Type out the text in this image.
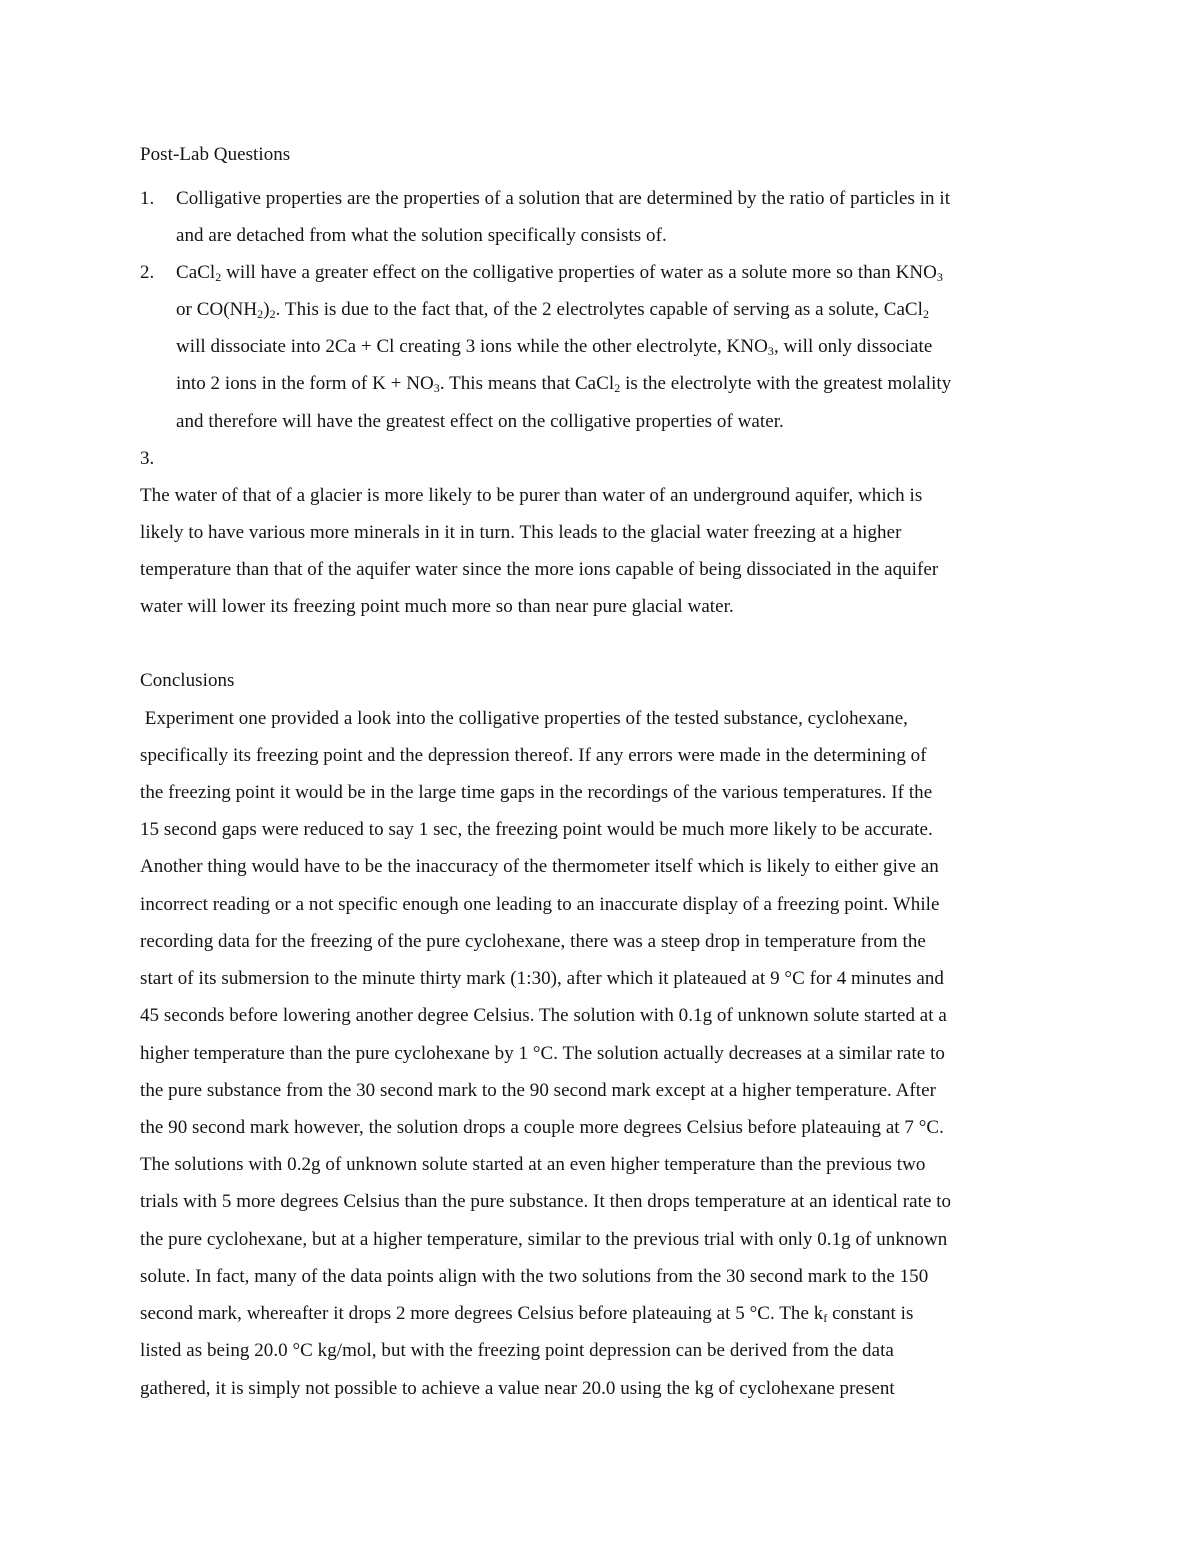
Post-Lab Questions
1. Colligative properties are the properties of a solution that are determined by the ratio of particles in it
and are detached from what the solution specifically consists of.
2. CaCl$_2$ will have a greater effect on the colligative properties of water as a solute more so than $KNO_3$
or $CO(NH_2)_2$. This is due to the fact that, of the 2 electrolytes capable of serving as a solute, CaCl$_2$
will dissociate into 2Ca + Cl creating 3 ions while the other electrolyte, $KNO_3$, will only dissociate
into 2 ions in the form of $K + NO_3$. This means that CaCl$_2$ is the electrolyte with the greatest molality
and therefore will have the greatest effect on the colligative properties of water.
3.
The water of that of a glacier is more likely to be purer than water of an underground aquifer, which is
likely to have various more minerals in it in turn. This leads to the glacial water freezing at a higher
temperature than that of the aquifer water since the more ions capable of being dissociated in the aquifer
water will lower its freezing point much more so than near pure glacial water.
Conclusions
Experiment one provided a look into the colligative properties of the tested substance, cyclohexane,
specifically its freezing point and the depression thereof. If any errors were made in the determining of
the freezing point it would be in the large time gaps in the recordings of the various temperatures. If the
15 second gaps were reduced to say 1 sec, the freezing point would be much more likely to be accurate.
Another thing would have to be the inaccuracy of the thermometer itself which is likely to either give an
incorrect reading or a not specific enough one leading to an inaccurate display of a freezing point. While
recording data for the freezing of the pure cyclohexane, there was a steep drop in temperature from the
start of its submersion to the minute thirty mark (1:30), after which it plateaued at 9 °C for 4 minutes and
45 seconds before lowering another degree Celsius. The solution with 0.1g of unknown solute started at a
higher temperature than the pure cyclohexane by 1 °C. The solution actually decreases at a similar rate to
the pure substance from the 30 second mark to the 90 second mark except at a higher temperature. After
the 90 second mark however, the solution drops a couple more degrees Celsius before plateauing at 7 °C.
The solutions with 0.2g of unknown solute started at an even higher temperature than the previous two
trials with 5 more degrees Celsius than the pure substance. It then drops temperature at an identical rate to
the pure cyclohexane, but at a higher temperature, similar to the previous trial with only 0.1g of unknown
solute. In fact, many of the data points align with the two solutions from the 30 second mark to the 150
second mark, whereafter it drops 2 more degrees Celsius before plateauing at 5 °C. The $k_f$ constant is
listed as being 20.0 °C kg/mol, but with the freezing point depression can be derived from the data
gathered, it is simply not possible to achieve a value near 20.0 using the kg of cyclohexane present
